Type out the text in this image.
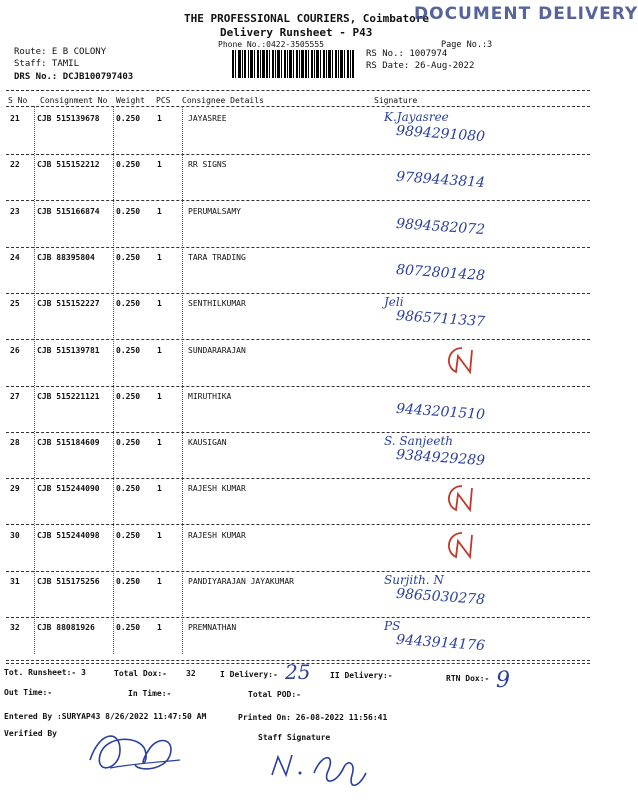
THE PROFESSIONAL COURIERS, Coimbatore
DOCUMENT DELIVERY
Delivery Runsheet - P43
Phone No.:0422-3505555	Page No.:3
Route: E B COLONY
Staff: TAMIL
DRS No.: DCJB100797403
RS No.: 1007974
RS Date: 26-Aug-2022
S No Consignment No Weight PCS Consignee Details	Signature
21 CJB 515139678 0.250 1	JAYASREE	K.Jayasree
9894291080
22 CJB 515152212 0.250 1	RR SIGNS
9789443814
23 CJB 515166874 0.250 1	PERUMALSAMY
9894582072
24 CJB 88395804	0.250 1	TARA TRADING
8072801428
25 CJB 515152227 0.250 1	SENTHILKUMAR	Jeli
9865711337
26 CJB 515139781 0.250 1	SUNDARARAJAN
27 CJB 515221121 0.250 1	MIRUTHIKA
9443201510
28 CJB 515184609 0.250 1	KAUSIGAN	S. Sanjeeth
9384929289
29 CJB 515244090 0.250 1	RAJESH KUMAR
30 CJB 515244098 0.250 1	RAJESH KUMAR
31 CJB 515175256 0.250 1	PANDIYARAJAN JAYAKUMAR	Surjith. N
9865030278
32 CJB 88081926	0.250 1	PREMNATHAN	PS
9443914176
Tot. Runsheet:- 3	Total Dox:- 32	I Delivery:- 25 II Delivery:-	RTN Dox:- 9
Out Time:-	In Time:-	Total POD:-
Entered By :SURYAP43 8/26/2022 11:47:50 AM	Printed On: 26-08-2022 11:56:41
Verified By	Staff Signature
